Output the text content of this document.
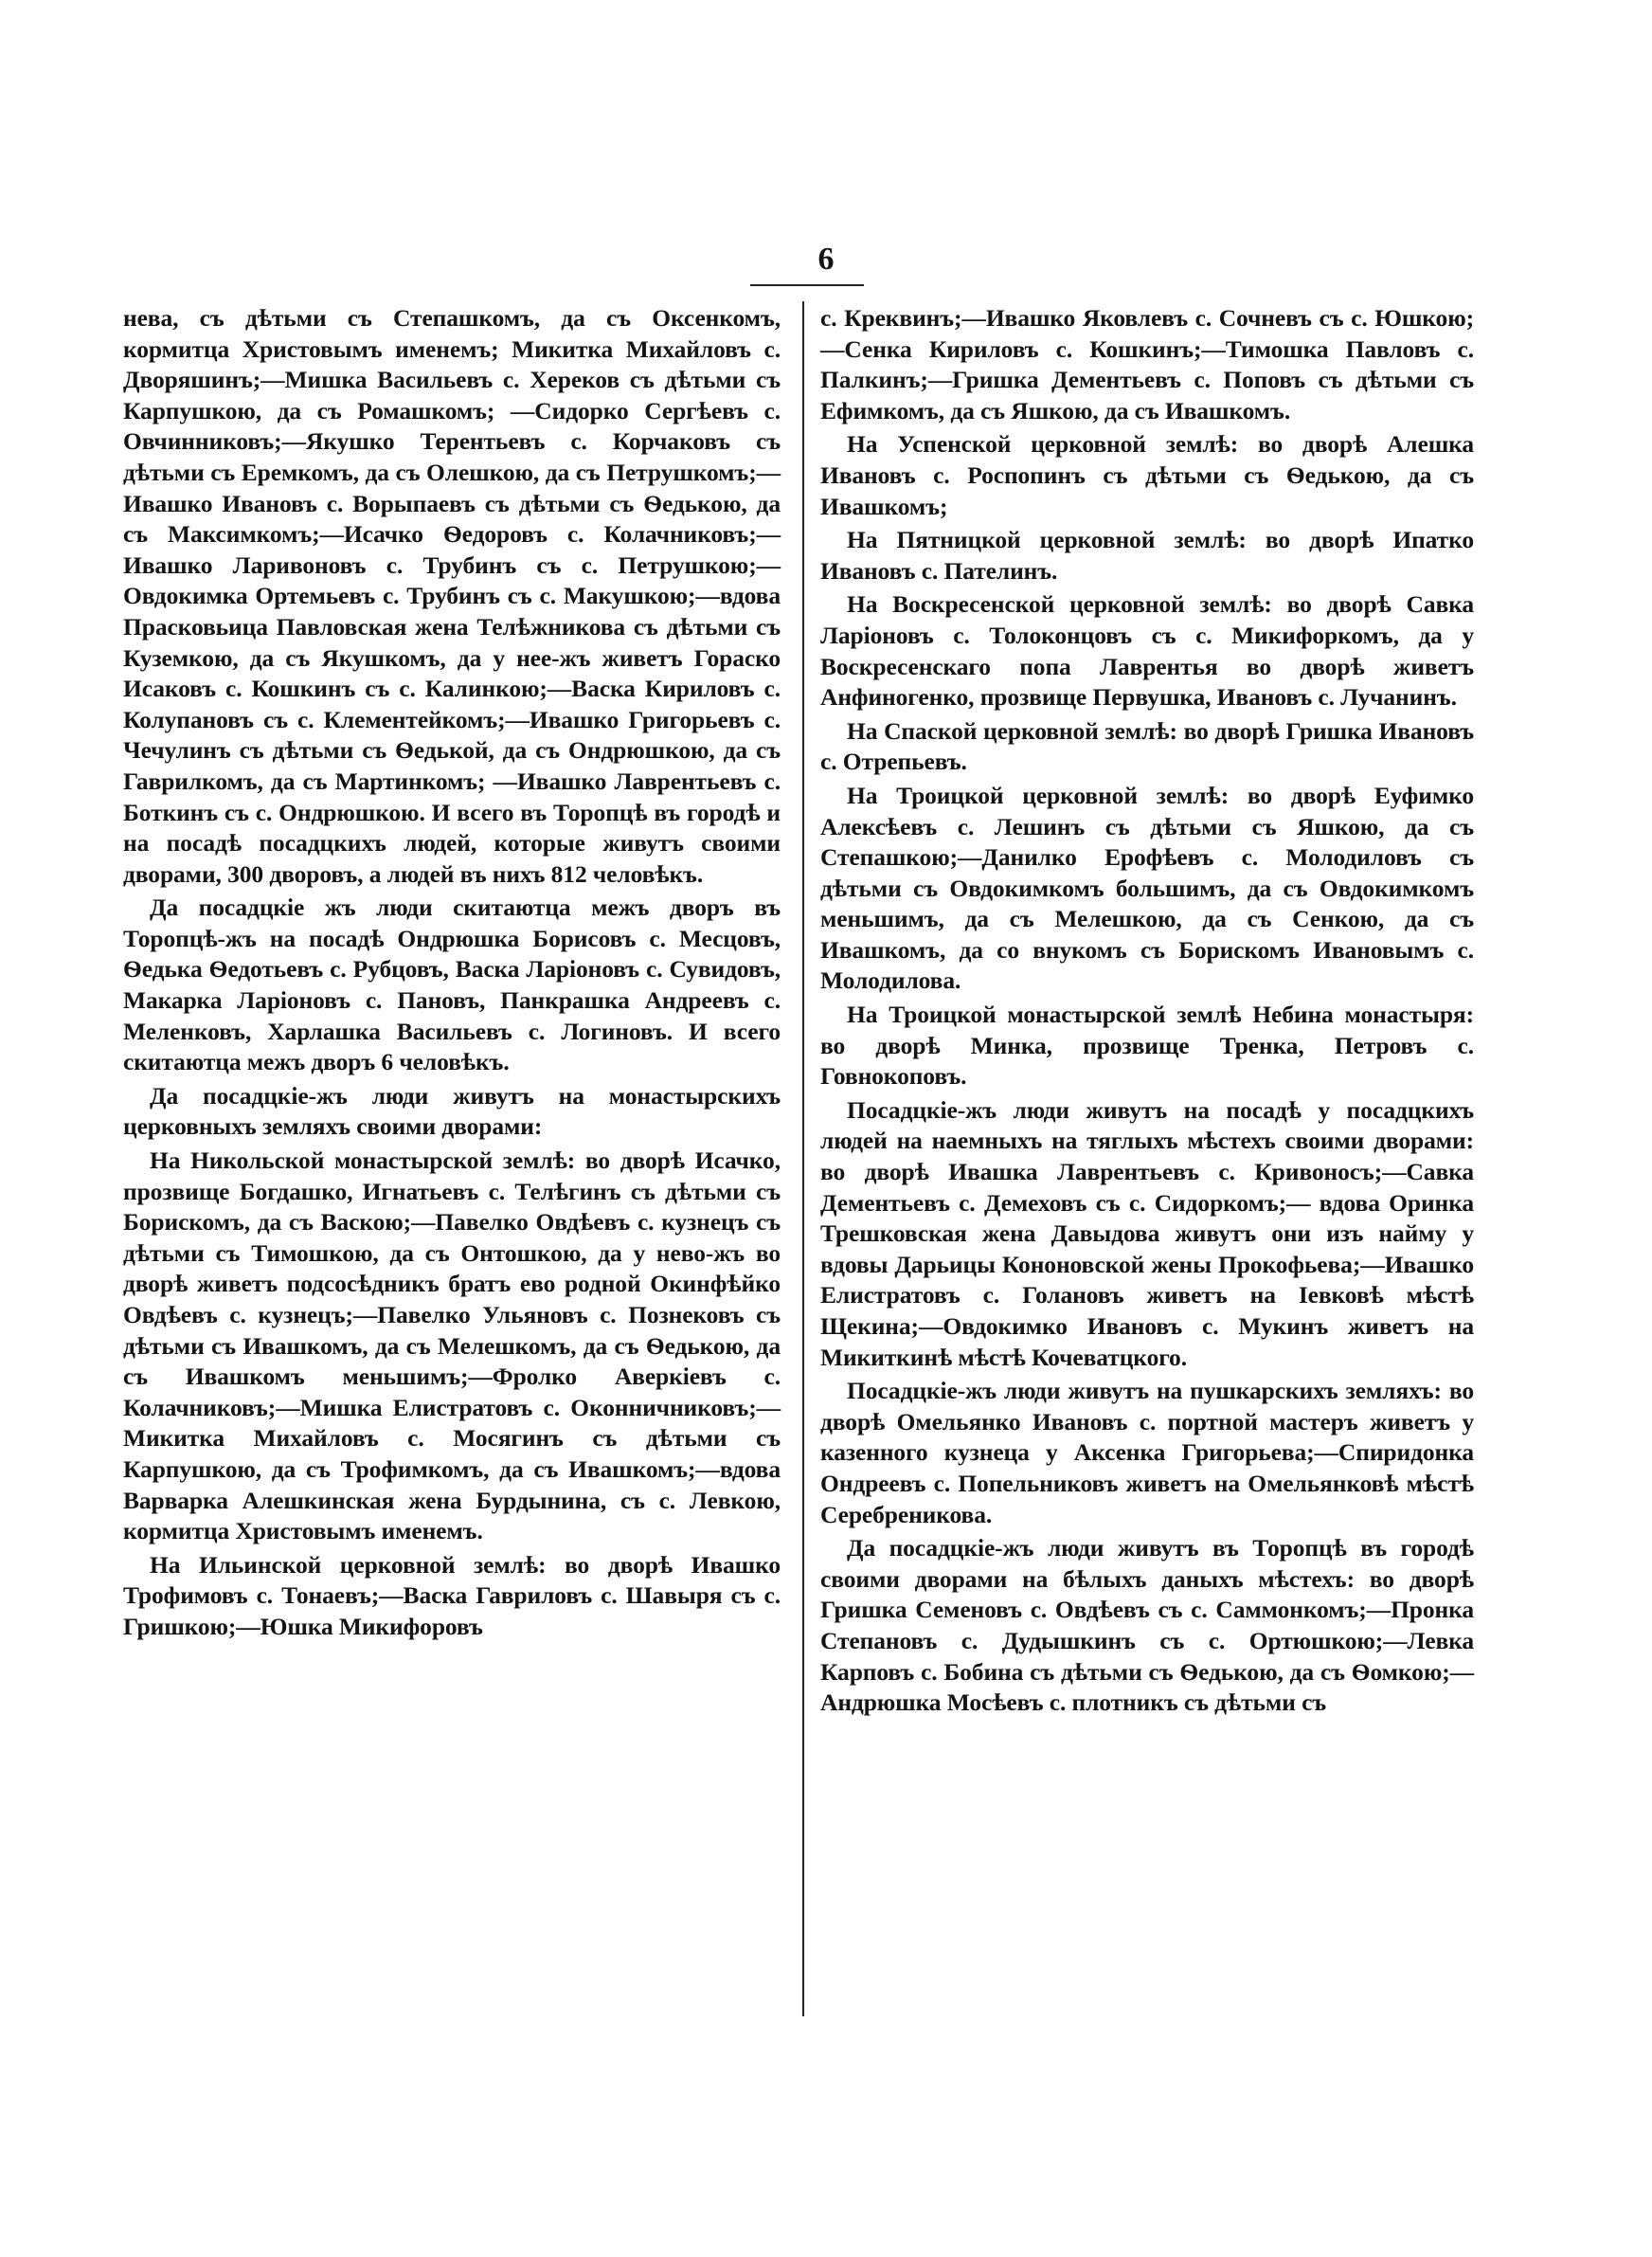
6

нева, съ дѣтьми съ Степашкомъ, да съ Оксенкомъ, кормитца Христовымъ именемъ; Микитка Михайловъ с. Дворяшинъ;—Мишка Васильевъ с. Хереков съ дѣтьми съ Карпушкою, да съ Ромашкомъ; —Сидорко Сергѣевъ с. Овчинниковъ;—Якушко Терентьевъ с. Корчаковъ съ дѣтьми съ Еремкомъ, да съ Олешкою, да съ Петрушкомъ;—Ивашко Ивановъ с. Ворыпаевъ съ дѣтьми съ Ѳедькою, да съ Максимкомъ;—Исачко Ѳедоровъ с. Колачниковъ;—Ивашко Ларивоновъ с. Трубинъ съ с. Петрушкою;—Овдокимка Ортемьевъ с. Трубинъ съ с. Макушкою;—вдова Прасковьица Павловская жена Телѣжникова съ дѣтьми съ Куземкою, да съ Якушкомъ, да у нее-жъ живетъ Гораско Исаковъ с. Кошкинъ съ с. Калинкою;—Васка Кириловъ с. Колупановъ съ с. Клементейкомъ;—Ивашко Григорьевъ с. Чечулинъ съ дѣтьми съ Ѳедькой, да съ Ондрюшкою, да съ Гаврилкомъ, да съ Мартинкомъ; —Ивашко Лаврентьевъ с. Боткинъ съ с. Ондрюшкою. И всего въ Торопцѣ въ городѣ и на посадѣ посадцкихъ людей, которые живутъ своими дворами, 300 дворовъ, а людей въ нихъ 812 человѣкъ.

Да посадцкіе жъ люди скитаютца межъ дворъ въ Торопцѣ-жъ на посадѣ Ондрюшка Борисовъ с. Месцовъ, Ѳедька Ѳедотьевъ с. Рубцовъ, Васка Ларіоновъ с. Сувидовъ, Макарка Ларіоновъ с. Пановъ, Панкрашка Андреевъ с. Меленковъ, Харлашка Васильевъ с. Логиновъ. И всего скитаютца межъ дворъ 6 человѣкъ.

Да посадцкіе-жъ люди живутъ на монастырскихъ церковныхъ земляхъ своими дворами:

На Никольской монастырской землѣ: во дворѣ Исачко, прозвище Богдашко, Игнатьевъ с. Телѣгинъ съ дѣтьми съ Борискомъ, да съ Васкою;—Павелко Овдѣевъ с. кузнецъ съ дѣтьми съ Тимошкою, да съ Онтошкою, да у нево-жъ во дворѣ живетъ подсосѣдникъ братъ ево родной Окинфѣйко Овдѣевъ с. кузнецъ;—Павелко Ульяновъ с. Познековъ съ дѣтьми съ Ивашкомъ, да съ Мелешкомъ, да съ Ѳедькою, да съ Ивашкомъ меньшимъ;—Фролко Аверкіевъ с. Колачниковъ;—Мишка Елистратовъ с. Оконничниковъ;—Микитка Михайловъ с. Мосягинъ съ дѣтьми съ Карпушкою, да съ Трофимкомъ, да съ Ивашкомъ;—вдова Варварка Алешкинская жена Бурдынина, съ с. Левкою, кормитца Христовымъ именемъ.

На Ильинской церковной землѣ: во дворѣ Ивашко Трофимовъ с. Тонаевъ;—Васка Гавриловъ с. Шавыря съ с. Гришкою;—Юшка Микифоровъ

с. Креквинъ;—Ивашко Яковлевъ с. Сочневъ съ с. Юшкою;—Сенка Кириловъ с. Кошкинъ;—Тимошка Павловъ с. Палкинъ;—Гришка Дементьевъ с. Поповъ съ дѣтьми съ Ефимкомъ, да съ Яшкою, да съ Ивашкомъ.

На Успенской церковной землѣ: во дворѣ Алешка Ивановъ с. Роспопинъ съ дѣтьми съ Ѳедькою, да съ Ивашкомъ;

На Пятницкой церковной землѣ: во дворѣ Ипатко Ивановъ с. Пателинъ.

На Воскресенской церковной землѣ: во дворѣ Савка Ларіоновъ с. Толоконцовъ съ с. Микифоркомъ, да у Воскресенскаго попа Лаврентья во дворѣ живетъ Анфиногенко, прозвище Первушка, Ивановъ с. Лучанинъ.

На Спаской церковной землѣ: во дворѣ Гришка Ивановъ с. Отрепьевъ.

На Троицкой церковной землѣ: во дворѣ Еуфимко Алексѣевъ с. Лешинъ съ дѣтьми съ Яшкою, да съ Степашкою;—Данилко Ерофѣевъ с. Молодиловъ съ дѣтьми съ Овдокимкомъ большимъ, да съ Овдокимкомъ меньшимъ, да съ Мелешкою, да съ Сенкою, да съ Ивашкомъ, да со внукомъ съ Борискомъ Ивановымъ с. Молодилова.

На Троицкой монастырской землѣ Небина монастыря: во дворѣ Минка, прозвище Тренка, Петровъ с. Говнокоповъ.

Посадцкіе-жъ люди живутъ на посадѣ у посадцкихъ людей на наемныхъ на тяглыхъ мѣстехъ своими дворами: во дворѣ Ивашка Лаврентьевъ с. Кривоносъ;—Савка Дементьевъ с. Демеховъ съ с. Сидоркомъ;— вдова Оринка Трешковская жена Давыдова живутъ они изъ найму у вдовы Дарьицы Кононовской жены Прокофьева;—Ивашко Елистратовъ с. Голановъ живетъ на Іевковѣ мѣстѣ Щекина;—Овдокимко Ивановъ с. Мукинъ живетъ на Микиткинѣ мѣстѣ Кочеватцкого.

Посадцкіе-жъ люди живутъ на пушкарскихъ земляхъ: во дворѣ Омельянко Ивановъ с. портной мастеръ живетъ у казенного кузнеца у Аксенка Григорьева;—Спиридонка Ондреевъ с. Попельниковъ живетъ на Омельянковѣ мѣстѣ Серебреникова.

Да посадцкіе-жъ люди живутъ въ Торопцѣ въ городѣ своими дворами на бѣлыхъ даныхъ мѣстехъ: во дворѣ Гришка Семеновъ с. Овдѣевъ съ с. Саммонкомъ;—Пронка Степановъ с. Дудышкинъ съ с. Ортюшкою;—Левка Карповъ с. Бобина съ дѣтьми съ Ѳедькою, да съ Ѳомкою;—Андрюшка Мосѣевъ с. плотникъ съ дѣтьми съ
